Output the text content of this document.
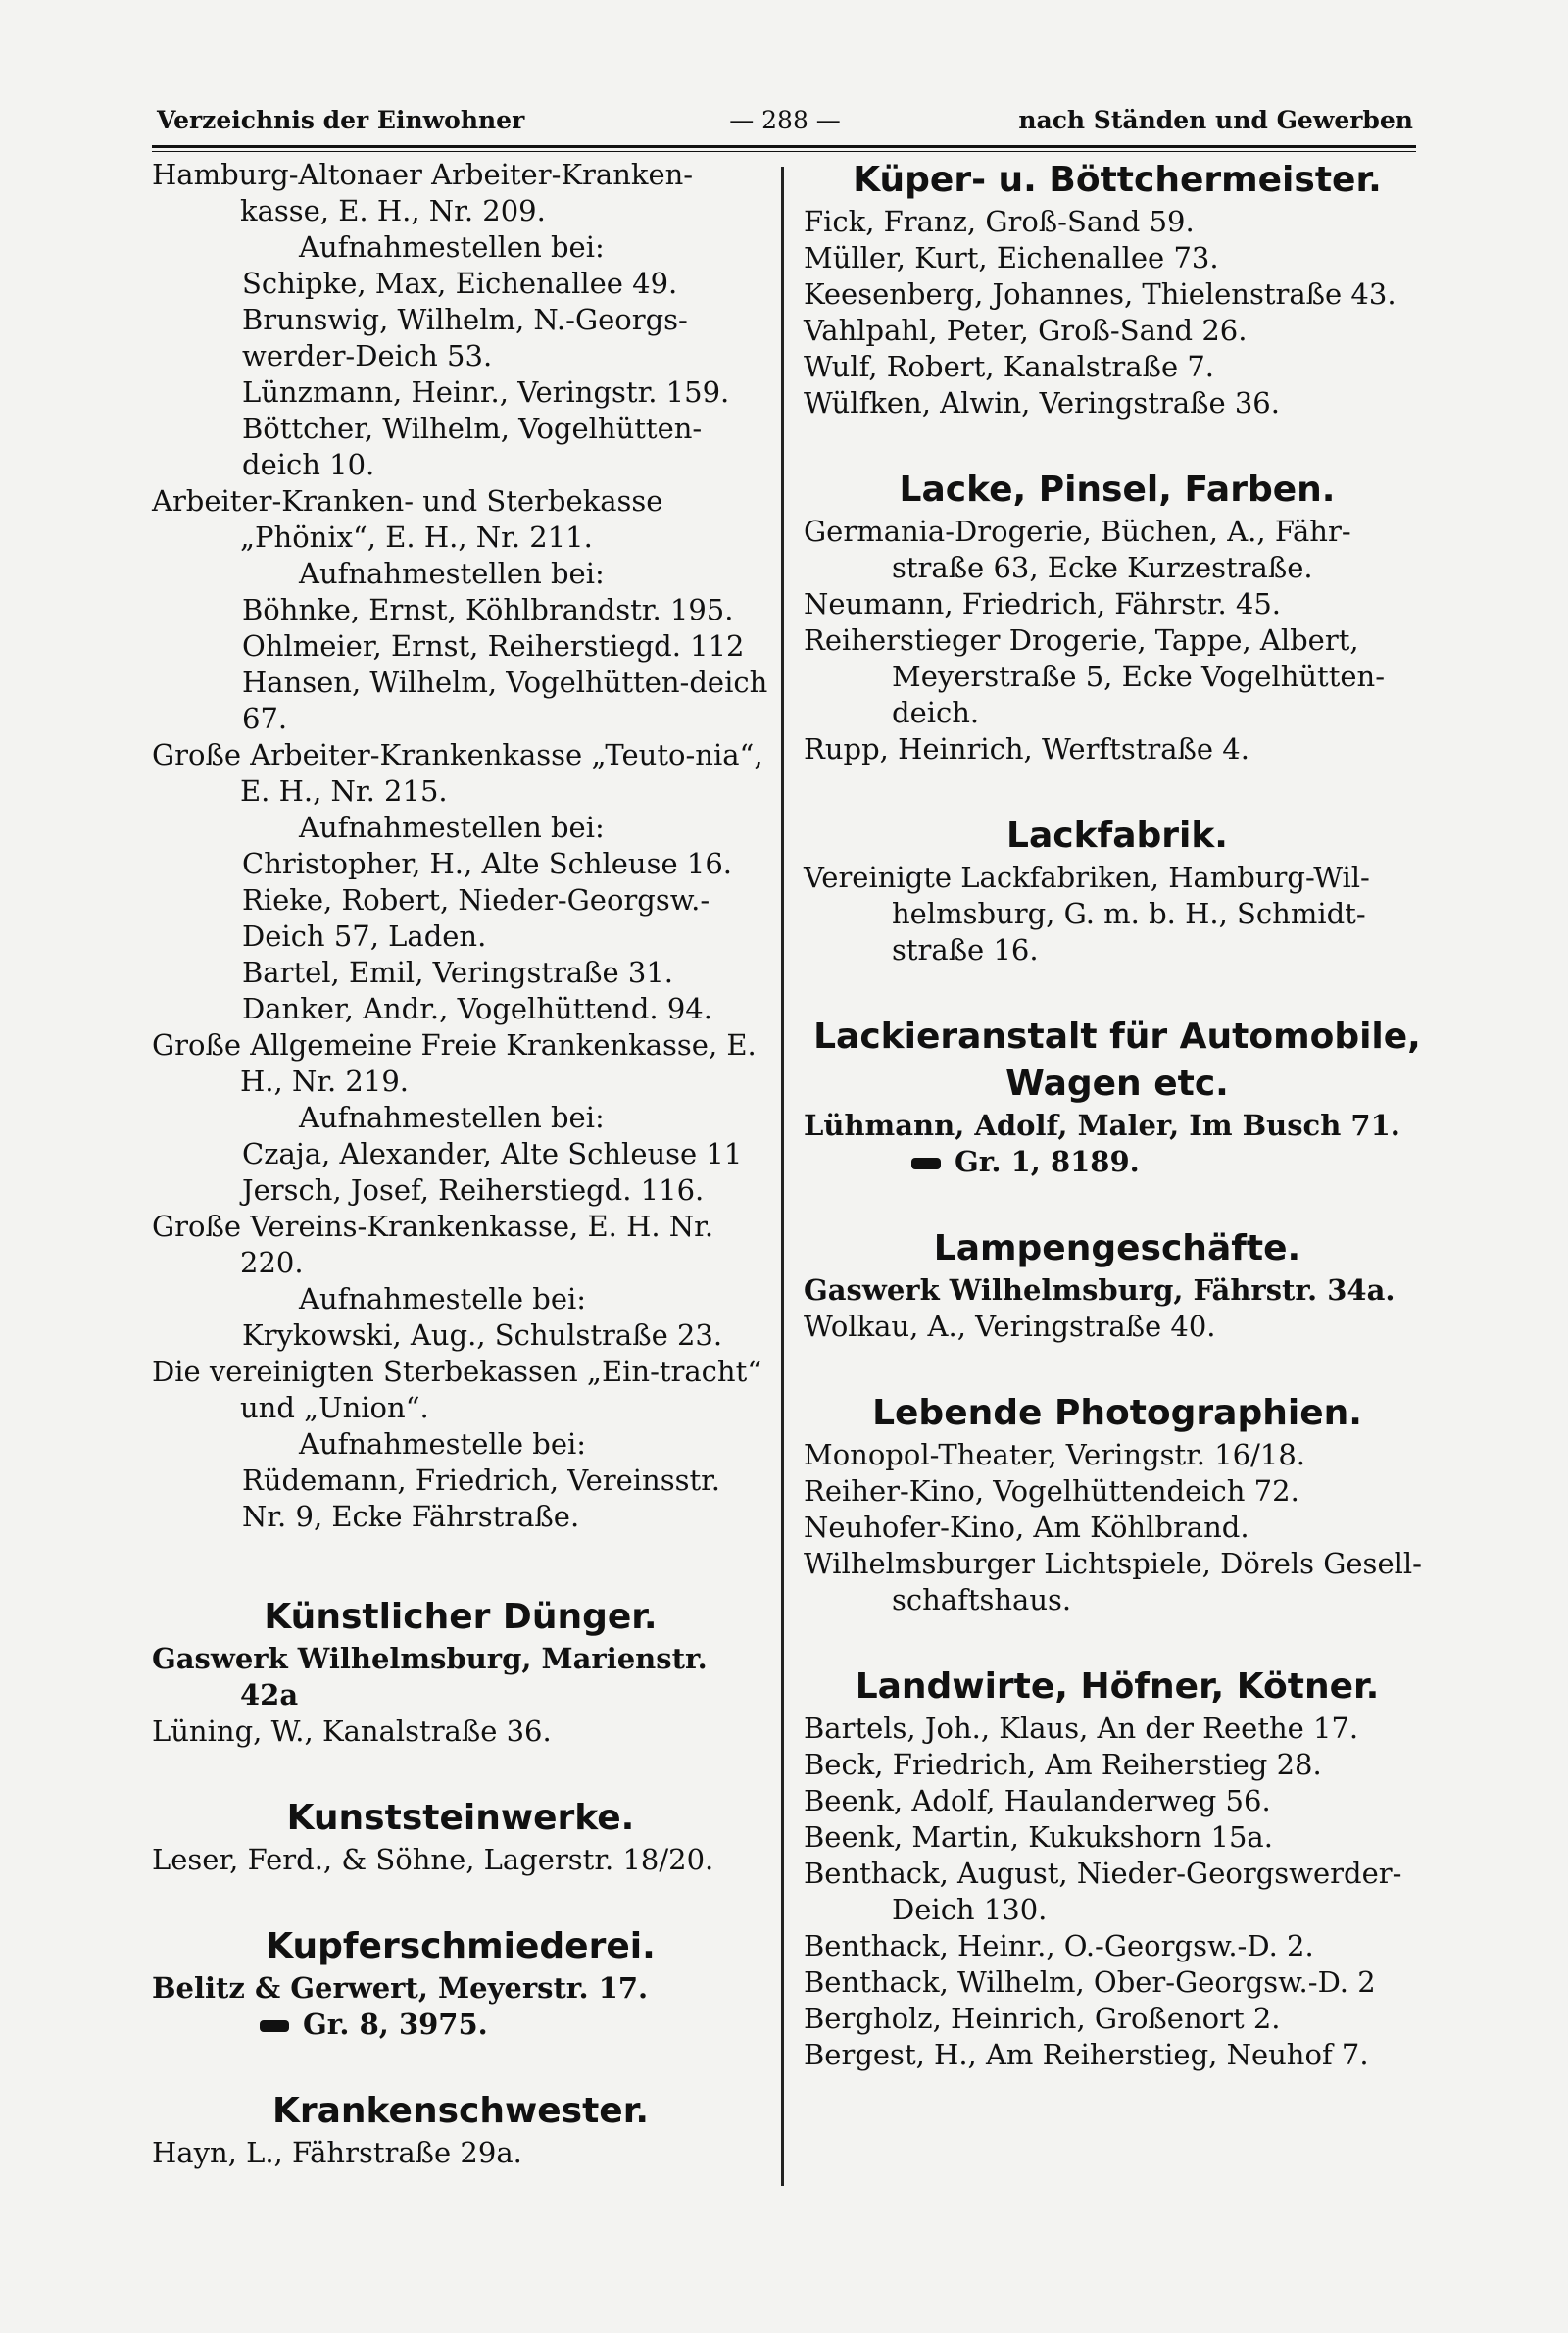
Verzeichnis der Einwohner	— 288 —	nach Ständen und Gewerben

Hamburg-Altonaer Arbeiter-Kranken-kasse, E. H., Nr. 209.

Aufnahmestellen bei:

Schipke, Max, Eichenallee 49.

Brunswig, Wilhelm, N.-Georgs-werder-Deich 53.

Lünzmann, Heinr., Veringstr. 159.

Böttcher, Wilhelm, Vogelhütten-deich 10.

Arbeiter-Kranken- und Sterbekasse „Phönix“, E. H., Nr. 211.

Aufnahmestellen bei:

Böhnke, Ernst, Köhlbrandstr. 195.

Ohlmeier, Ernst, Reiherstiegd. 112

Hansen, Wilhelm, Vogelhütten-deich 67.

Große Arbeiter-Krankenkasse „Teuto-nia“, E. H., Nr. 215.

Aufnahmestellen bei:

Christopher, H., Alte Schleuse 16.

Rieke, Robert, Nieder-Georgsw.-Deich 57, Laden.

Bartel, Emil, Veringstraße 31.

Danker, Andr., Vogelhüttend. 94.

Große Allgemeine Freie Krankenkasse, E. H., Nr. 219.

Aufnahmestellen bei:

Czaja, Alexander, Alte Schleuse 11

Jersch, Josef, Reiherstiegd. 116.

Große Vereins-Krankenkasse, E. H. Nr. 220.

Aufnahmestelle bei:

Krykowski, Aug., Schulstraße 23.

Die vereinigten Sterbekassen „Ein-tracht“ und „Union“.

Aufnahmestelle bei:

Rüdemann, Friedrich, Vereinsstr. Nr. 9, Ecke Fährstraße.

Künstlicher Dünger.

Gaswerk Wilhelmsburg, Marienstr. 42a

Lüning, W., Kanalstraße 36.

Kunststeinwerke.

Leser, Ferd., & Söhne, Lagerstr. 18/20.

Kupferschmiederei.

Belitz & Gerwert, Meyerstr. 17.

Gr. 8, 3975.

Krankenschwester.

Hayn, L., Fährstraße 29a.

Küper- u. Böttchermeister.

Fick, Franz, Groß-Sand 59.

Müller, Kurt, Eichenallee 73.

Keesenberg, Johannes, Thielenstraße 43.

Vahlpahl, Peter, Groß-Sand 26.

Wulf, Robert, Kanalstraße 7.

Wülfken, Alwin, Veringstraße 36.

Lacke, Pinsel, Farben.

Germania-Drogerie, Büchen, A., Fähr-straße 63, Ecke Kurzestraße.

Neumann, Friedrich, Fährstr. 45.

Reiherstieger Drogerie, Tappe, Albert, Meyerstraße 5, Ecke Vogelhütten-deich.

Rupp, Heinrich, Werftstraße 4.

Lackfabrik.

Vereinigte Lackfabriken, Hamburg-Wil-helmsburg, G. m. b. H., Schmidt-straße 16.

Lackieranstalt für Automobile, Wagen etc.

Lühmann, Adolf, Maler, Im Busch 71.

Gr. 1, 8189.

Lampengeschäfte.

Gaswerk Wilhelmsburg, Fährstr. 34a.

Wolkau, A., Veringstraße 40.

Lebende Photographien.

Monopol-Theater, Veringstr. 16/18.

Reiher-Kino, Vogelhüttendeich 72.

Neuhofer-Kino, Am Köhlbrand.

Wilhelmsburger Lichtspiele, Dörels Gesell-schaftshaus.

Landwirte, Höfner, Kötner.

Bartels, Joh., Klaus, An der Reethe 17.

Beck, Friedrich, Am Reiherstieg 28.

Beenk, Adolf, Haulanderweg 56.

Beenk, Martin, Kukukshorn 15a.

Benthack, August, Nieder-Georgswerder-Deich 130.

Benthack, Heinr., O.-Georgsw.-D. 2.

Benthack, Wilhelm, Ober-Georgsw.-D. 2

Bergholz, Heinrich, Großenort 2.

Bergest, H., Am Reiherstieg, Neuhof 7.
